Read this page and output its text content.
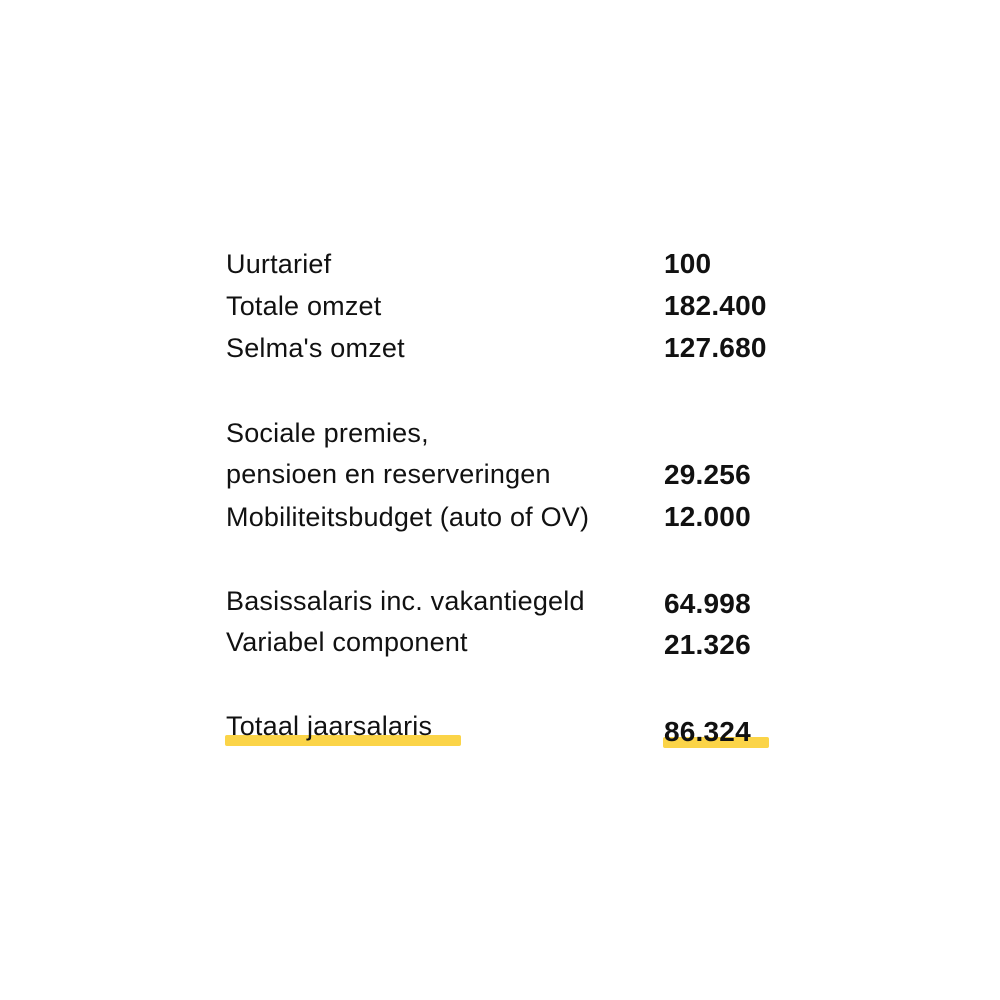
Uurtarief	100
Totale omzet	182.400
Selma's omzet	127.680
Sociale premies,
pensioen en reserveringen	29.256
Mobiliteitsbudget (auto of OV)	12.000
Basissalaris inc. vakantiegeld	64.998
Variabel component	21.326
Totaal jaarsalaris	86.324
